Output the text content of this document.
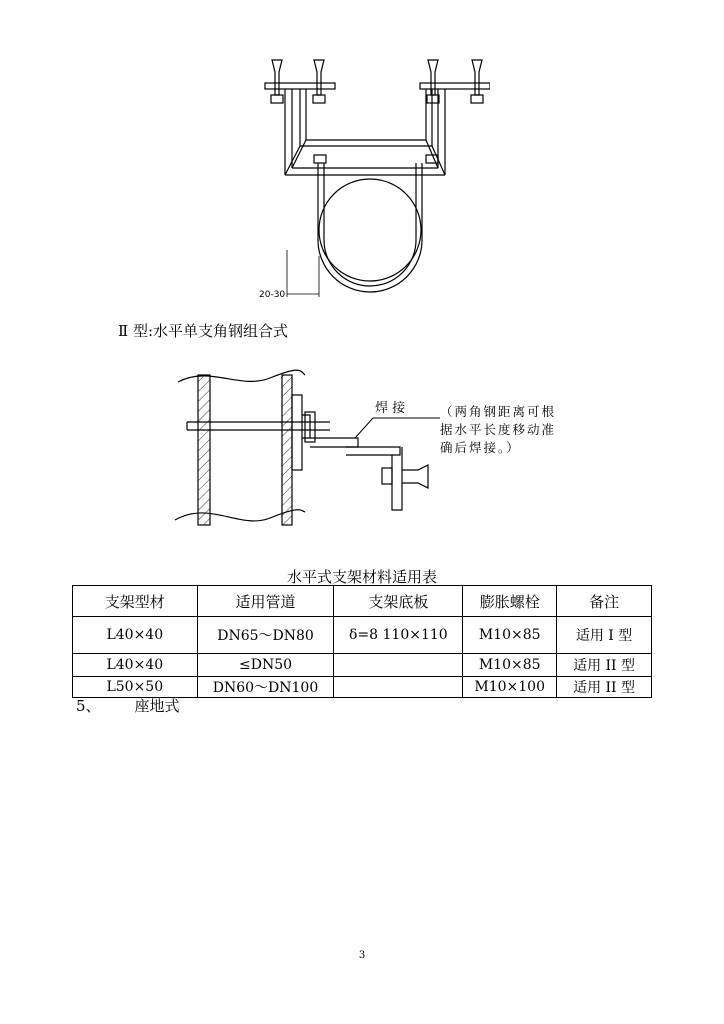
20-30
Ⅱ 型:水平单支角钢组合式
焊 接	（两角钢距离可根
据水平长度移动准
确后焊接。）
水平式支架材料适用表
支架型材	适用管道	支架底板	膨胀螺栓	备注
L40×40	DN65～DN80	δ=8 110×110	M10×85	适用 I 型
L40×40	≤DN50		M10×85	适用 II 型
L50×50	DN60～DN100		M10×100	适用 II 型
5、 座地式
3
